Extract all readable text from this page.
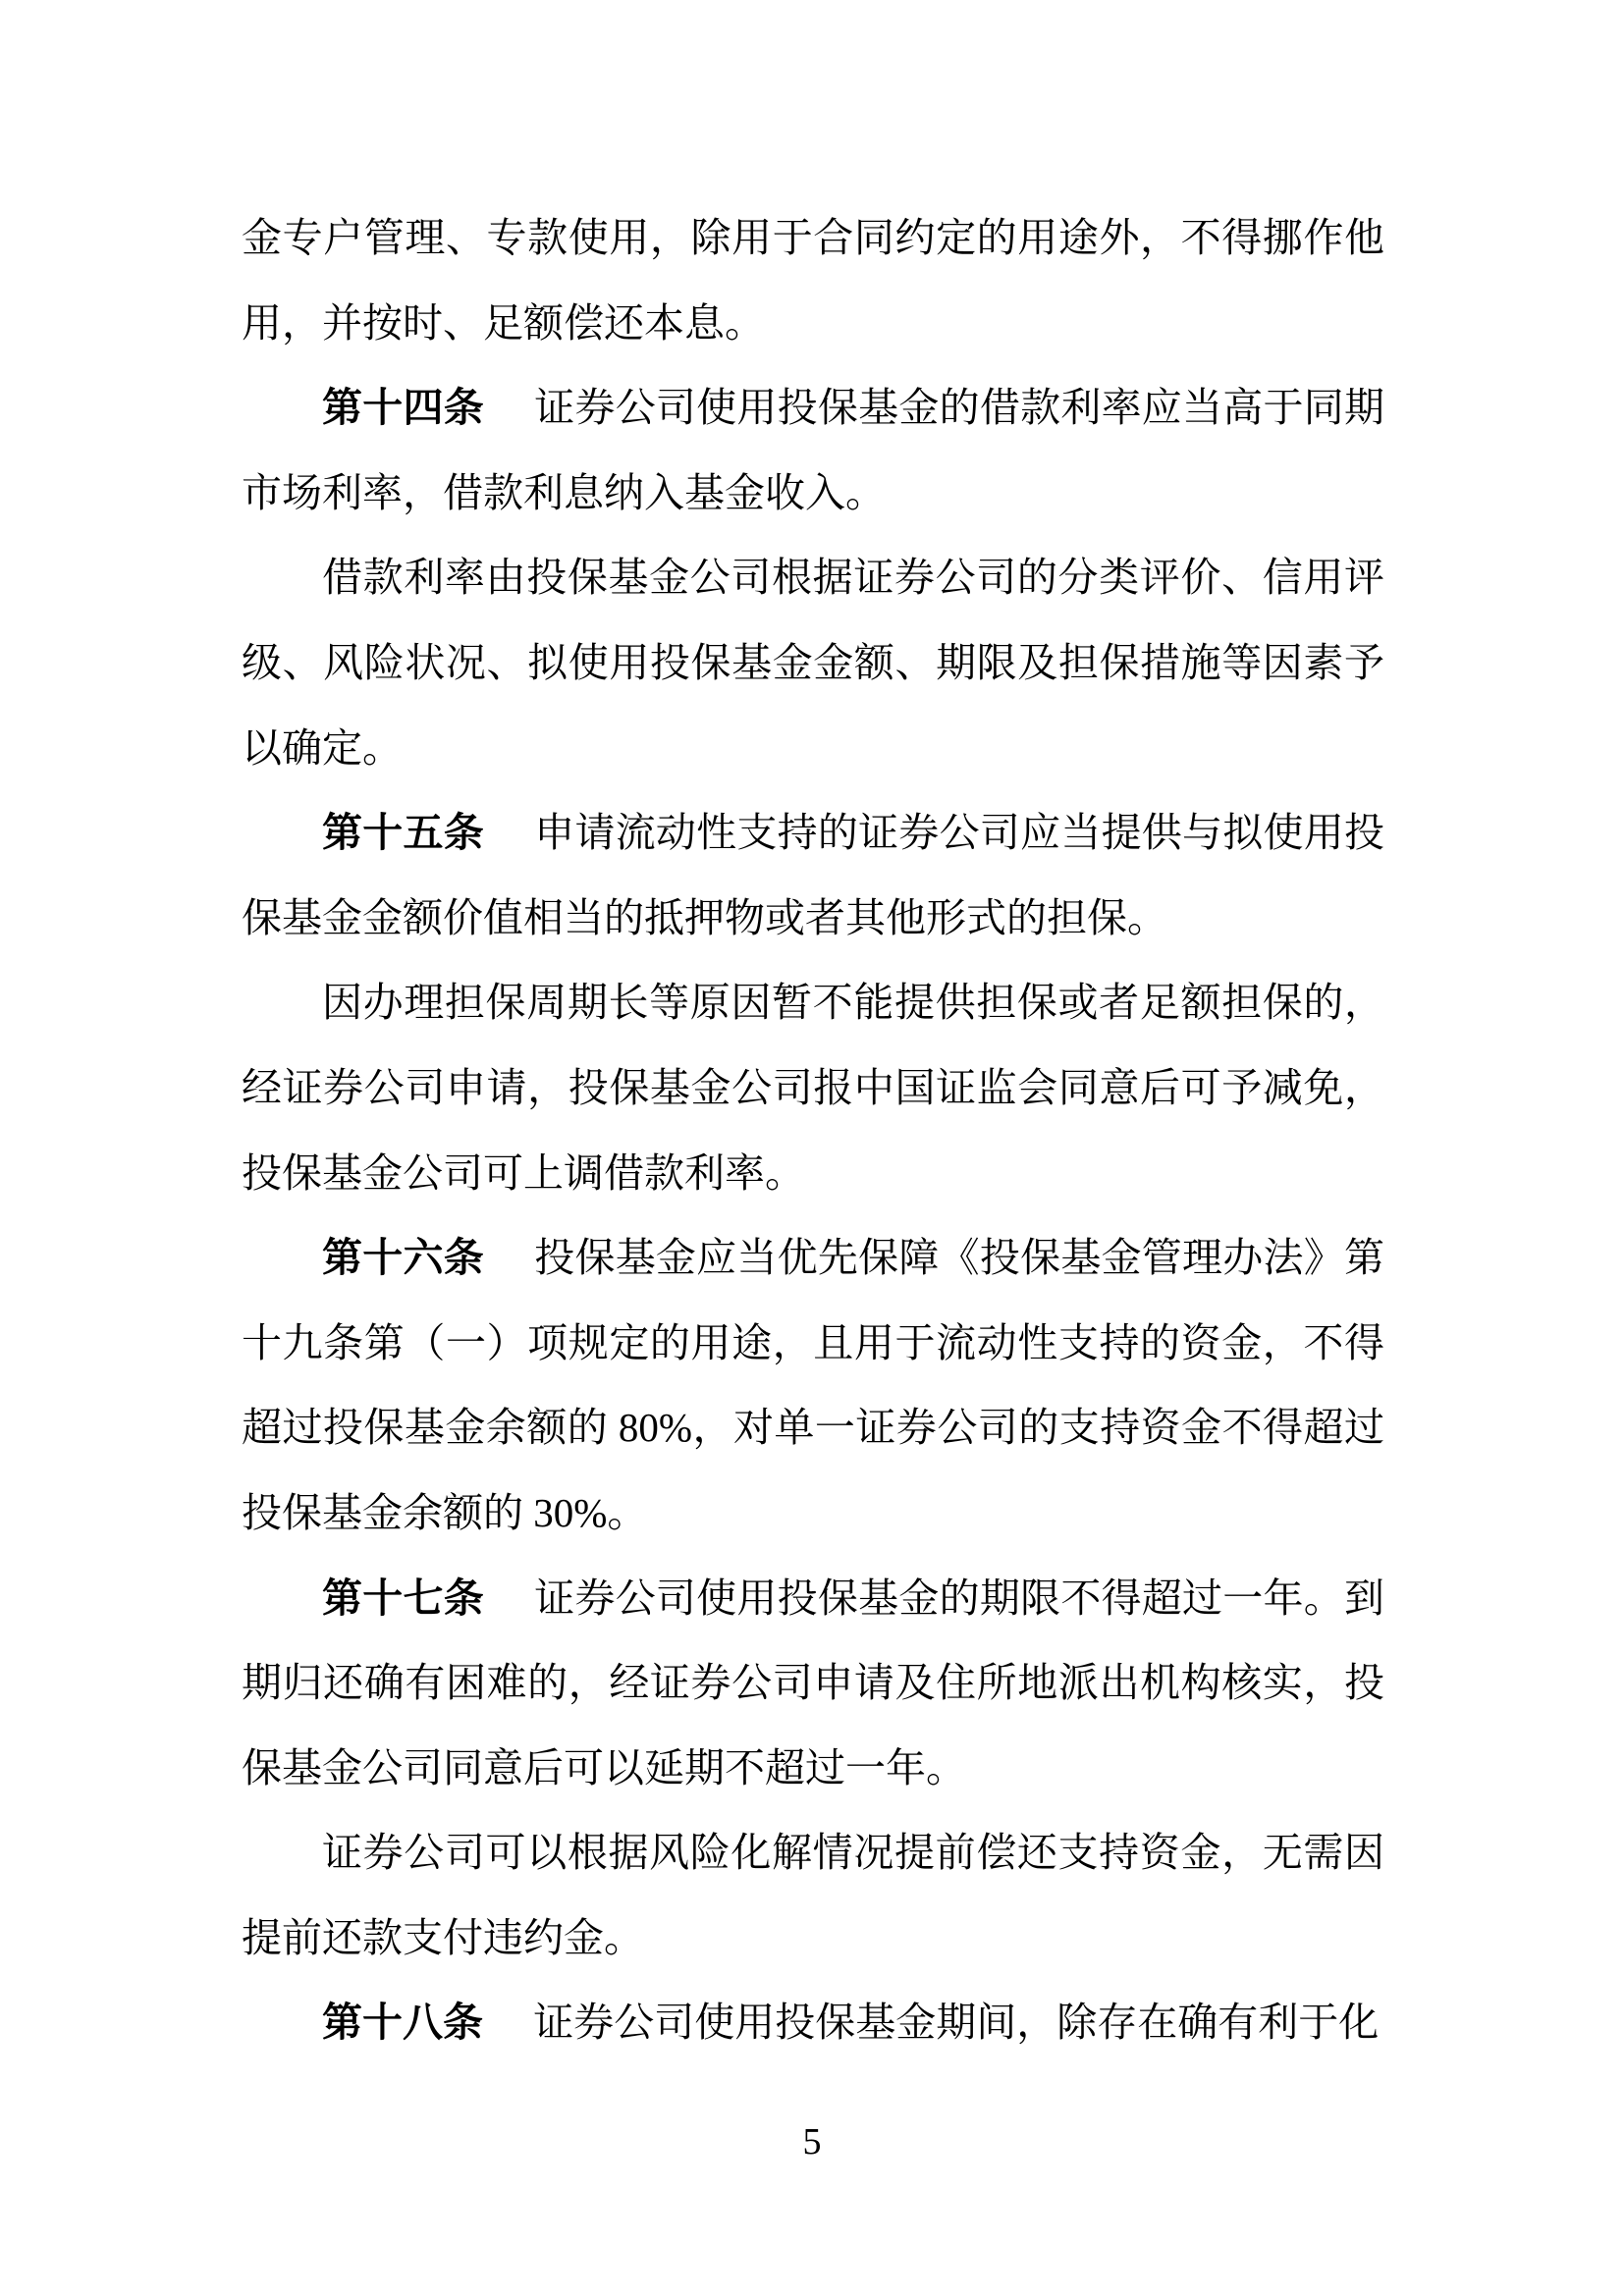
金专户管理、专款使用，除用于合同约定的用途外，不得挪作他用，并按时、足额偿还本息。

第十四条 证券公司使用投保基金的借款利率应当高于同期市场利率，借款利息纳入基金收入。

借款利率由投保基金公司根据证券公司的分类评价、信用评级、风险状况、拟使用投保基金金额、期限及担保措施等因素予以确定。

第十五条 申请流动性支持的证券公司应当提供与拟使用投保基金金额价值相当的抵押物或者其他形式的担保。

因办理担保周期长等原因暂不能提供担保或者足额担保的，经证券公司申请，投保基金公司报中国证监会同意后可予减免，投保基金公司可上调借款利率。

第十六条 投保基金应当优先保障《投保基金管理办法》第十九条第（一）项规定的用途，且用于流动性支持的资金，不得超过投保基金余额的 80%，对单一证券公司的支持资金不得超过投保基金余额的 30%。

第十七条 证券公司使用投保基金的期限不得超过一年。到期归还确有困难的，经证券公司申请及住所地派出机构核实，投保基金公司同意后可以延期不超过一年。

证券公司可以根据风险化解情况提前偿还支持资金，无需因提前还款支付违约金。

第十八条 证券公司使用投保基金期间，除存在确有利于化

5
